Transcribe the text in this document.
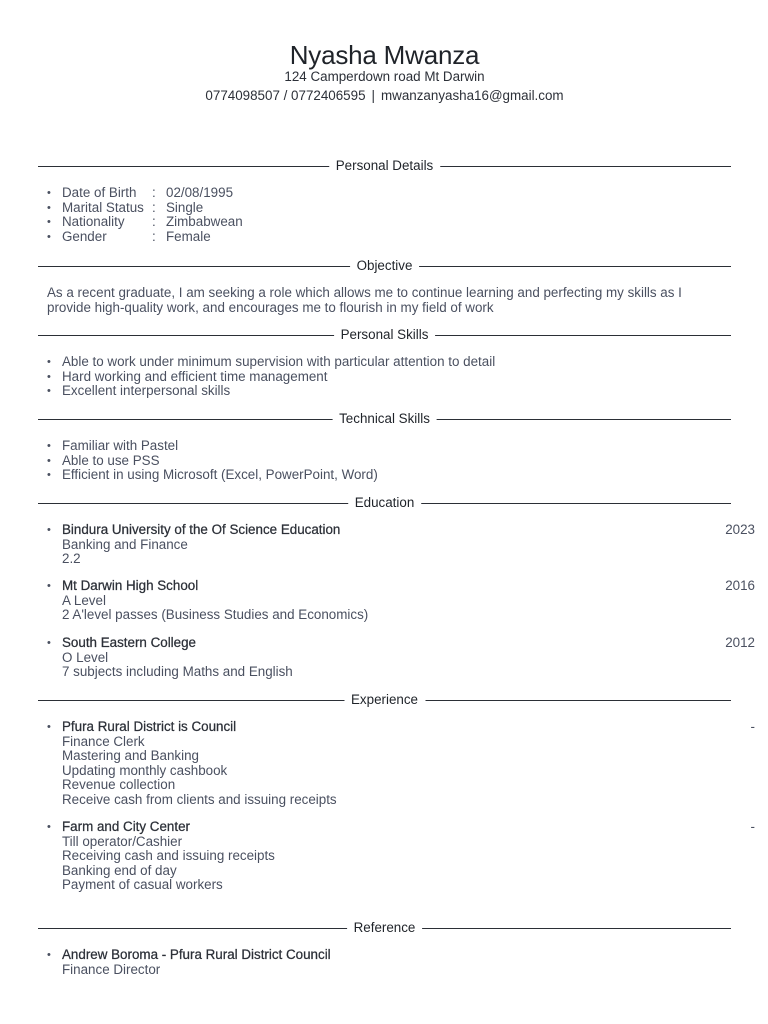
Nyasha Mwanza
124 Camperdown road Mt Darwin
0774098507 / 0772406595 | mwanzanyasha16@gmail.com
Personal Details
• Date of Birth	: 02/08/1995
• Marital Status : Single
• Nationality	: Zimbabwean
• Gender	: Female
Objective
As a recent graduate, I am seeking a role which allows me to continue learning and perfecting my skills as I
provide high-quality work, and encourages me to flourish in my field of work
Personal Skills
• Able to work under minimum supervision with particular attention to detail
• Hard working and efficient time management
• Excellent interpersonal skills
Technical Skills
• Familiar with Pastel
• Able to use PSS
• Efficient in using Microsoft (Excel, PowerPoint, Word)
Education
• Bindura University of the Of Science Education	2023
Banking and Finance
2.2
• Mt Darwin High School	2016
A Level
2 A'level passes (Business Studies and Economics)
• South Eastern College	2012
O Level
7 subjects including Maths and English
Experience
• Pfura Rural District is Council	-
Finance Clerk
Mastering and Banking
Updating monthly cashbook
Revenue collection
Receive cash from clients and issuing receipts
• Farm and City Center	-
Till operator/Cashier
Receiving cash and issuing receipts
Banking end of day
Payment of casual workers
Reference
• Andrew Boroma - Pfura Rural District Council
Finance Director
